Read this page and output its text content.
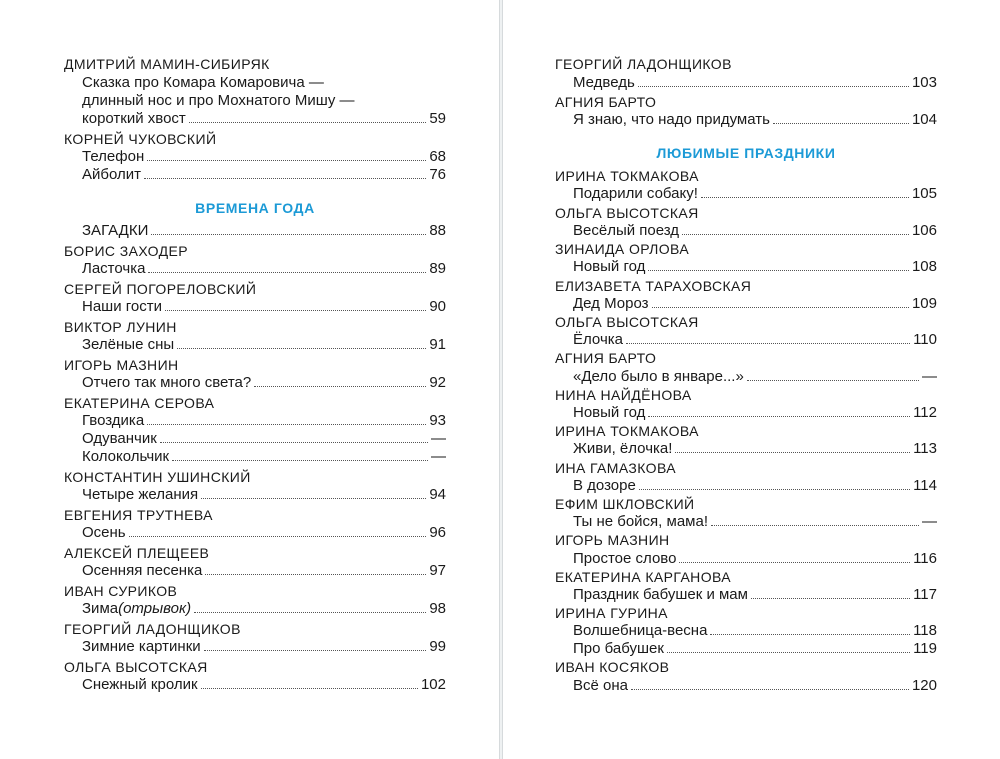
ДМИТРИЙ МАМИН-СИБИРЯК
Сказка про Комара Комаровича —
длинный нос и про Мохнатого Мишу —
короткий хвост	59
КОРНЕЙ ЧУКОВСКИЙ
Телефон	68
Айболит	76
ВРЕМЕНА ГОДА
ЗАГАДКИ	88
БОРИС ЗАХОДЕР
Ласточка	89
СЕРГЕЙ ПОГОРЕЛОВСКИЙ
Наши гости	90
ВИКТОР ЛУНИН
Зелёные сны	91
ИГОРЬ МАЗНИН
Отчего так много света?	92
ЕКАТЕРИНА СЕРОВА
Гвоздика	93
Одуванчик	—
Колокольчик	—
КОНСТАНТИН УШИНСКИЙ
Четыре желания	94
ЕВГЕНИЯ ТРУТНЕВА
Осень	96
АЛЕКСЕЙ ПЛЕЩЕЕВ
Осенняя песенка	97
ИВАН СУРИКОВ
Зима (отрывок)	98
ГЕОРГИЙ ЛАДОНЩИКОВ
Зимние картинки	99
ОЛЬГА ВЫСОТСКАЯ
Снежный кролик	102
ГЕОРГИЙ ЛАДОНЩИКОВ
Медведь	103
АГНИЯ БАРТО
Я знаю, что надо придумать	104
ЛЮБИМЫЕ ПРАЗДНИКИ
ИРИНА ТОКМАКОВА
Подарили собаку!	105
ОЛЬГА ВЫСОТСКАЯ
Весёлый поезд	106
ЗИНАИДА ОРЛОВА
Новый год	108
ЕЛИЗАВЕТА ТАРАХОВСКАЯ
Дед Мороз	109
ОЛЬГА ВЫСОТСКАЯ
Ёлочка	110
АГНИЯ БАРТО
«Дело было в январе...»	—
НИНА НАЙДЁНОВА
Новый год	112
ИРИНА ТОКМАКОВА
Живи, ёлочка!	113
ИНА ГАМАЗКОВА
В дозоре	114
ЕФИМ ШКЛОВСКИЙ
Ты не бойся, мама!	—
ИГОРЬ МАЗНИН
Простое слово	116
ЕКАТЕРИНА КАРГАНОВА
Праздник бабушек и мам	117
ИРИНА ГУРИНА
Волшебница-весна	118
Про бабушек	119
ИВАН КОСЯКОВ
Всё она	120
